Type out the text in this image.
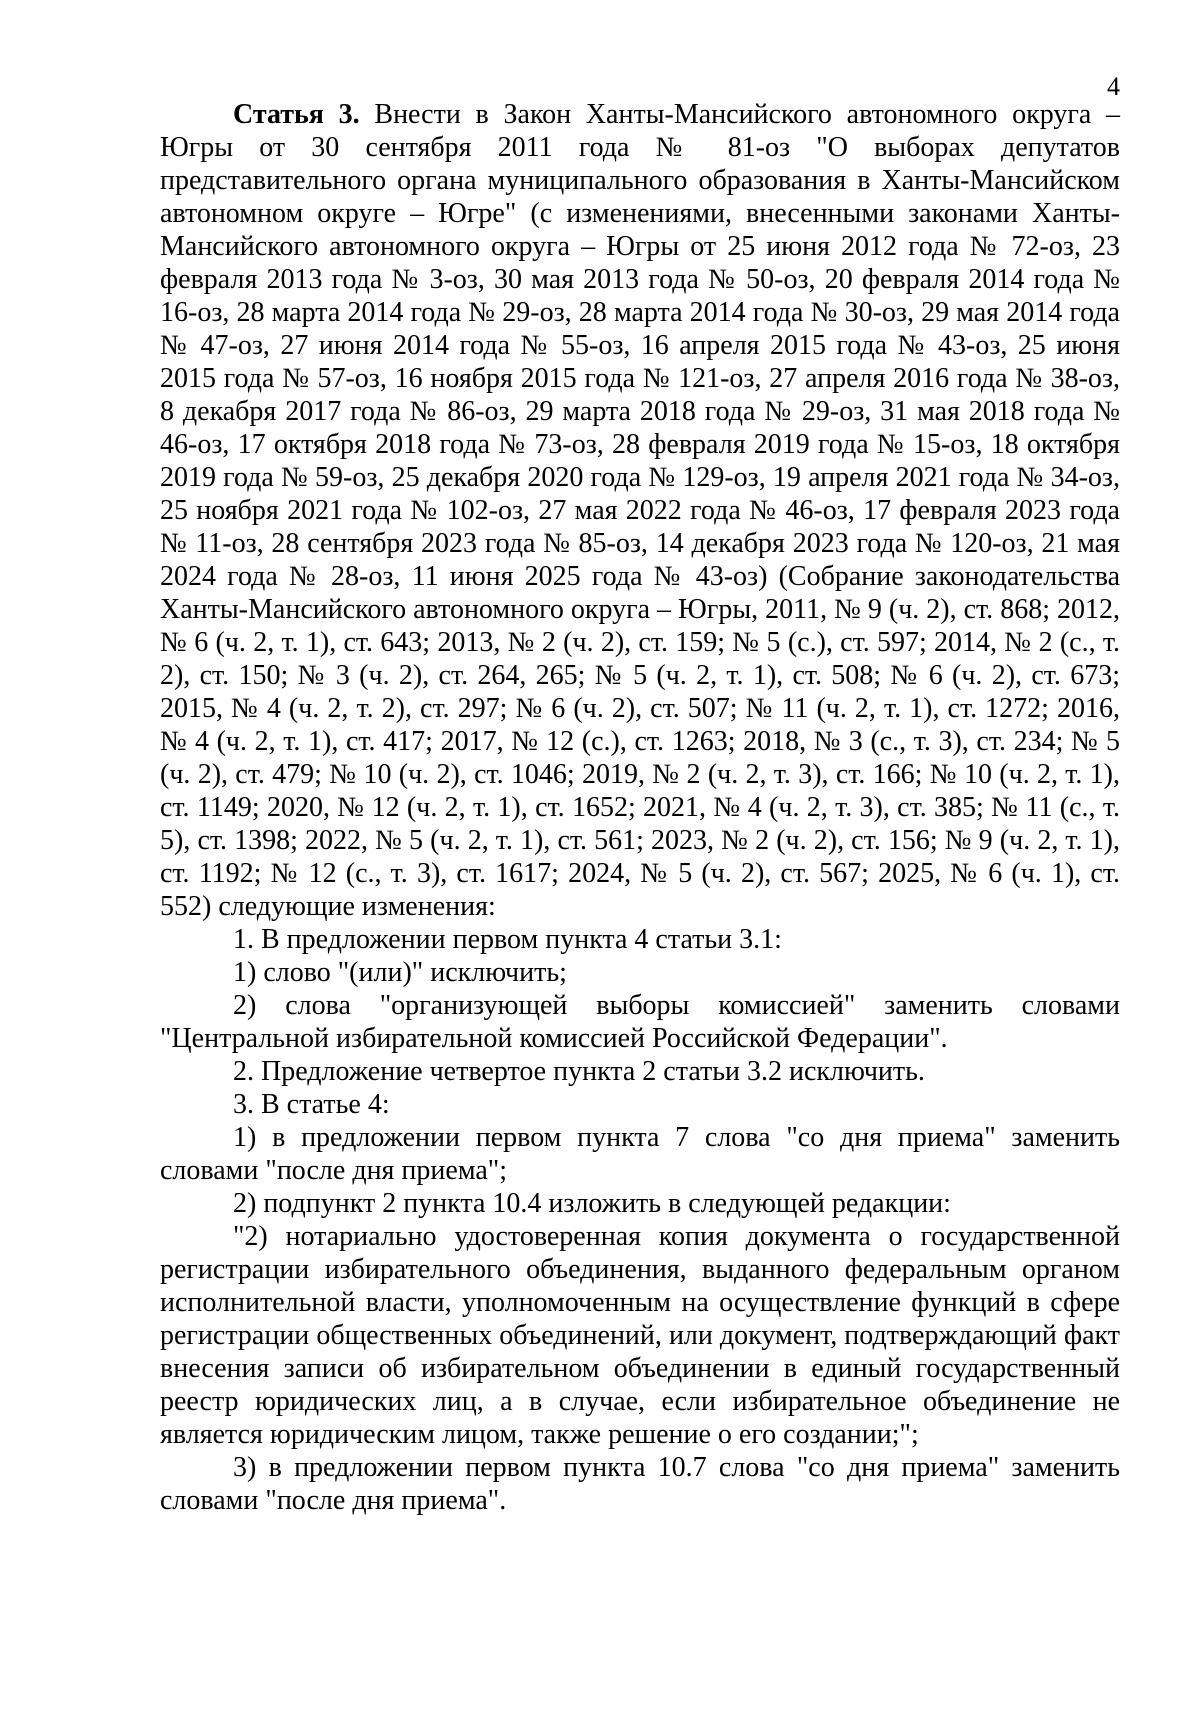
4

Статья 3. Внести в Закон Ханты-Мансийского автономного округа – Югры от 30 сентября 2011 года № 81-оз "О выборах депутатов представительного органа муниципального образования в Ханты-Мансийском автономном округе – Югре" (с изменениями, внесенными законами Ханты-Мансийского автономного округа – Югры от 25 июня 2012 года № 72-оз, 23 февраля 2013 года № 3-оз, 30 мая 2013 года № 50-оз, 20 февраля 2014 года № 16-оз, 28 марта 2014 года № 29-оз, 28 марта 2014 года № 30-оз, 29 мая 2014 года № 47-оз, 27 июня 2014 года № 55-оз, 16 апреля 2015 года № 43-оз, 25 июня 2015 года № 57-оз, 16 ноября 2015 года № 121-оз, 27 апреля 2016 года № 38-оз, 8 декабря 2017 года № 86-оз, 29 марта 2018 года № 29-оз, 31 мая 2018 года № 46-оз, 17 октября 2018 года № 73-оз, 28 февраля 2019 года № 15-оз, 18 октября 2019 года № 59-оз, 25 декабря 2020 года № 129-оз, 19 апреля 2021 года № 34-оз, 25 ноября 2021 года № 102-оз, 27 мая 2022 года № 46-оз, 17 февраля 2023 года № 11-оз, 28 сентября 2023 года № 85-оз, 14 декабря 2023 года № 120-оз, 21 мая 2024 года № 28-оз, 11 июня 2025 года № 43-оз) (Собрание законодательства Ханты-Мансийского автономного округа – Югры, 2011, № 9 (ч. 2), ст. 868; 2012, № 6 (ч. 2, т. 1), ст. 643; 2013, № 2 (ч. 2), ст. 159; № 5 (с.), ст. 597; 2014, № 2 (с., т. 2), ст. 150; № 3 (ч. 2), ст. 264, 265; № 5 (ч. 2, т. 1), ст. 508; № 6 (ч. 2), ст. 673; 2015, № 4 (ч. 2, т. 2), ст. 297; № 6 (ч. 2), ст. 507; № 11 (ч. 2, т. 1), ст. 1272; 2016, № 4 (ч. 2, т. 1), ст. 417; 2017, № 12 (с.), ст. 1263; 2018, № 3 (с., т. 3), ст. 234; № 5 (ч. 2), ст. 479; № 10 (ч. 2), ст. 1046; 2019, № 2 (ч. 2, т. 3), ст. 166; № 10 (ч. 2, т. 1), ст. 1149; 2020, № 12 (ч. 2, т. 1), ст. 1652; 2021, № 4 (ч. 2, т. 3), ст. 385; № 11 (с., т. 5), ст. 1398; 2022, № 5 (ч. 2, т. 1), ст. 561; 2023, № 2 (ч. 2), ст. 156; № 9 (ч. 2, т. 1), ст. 1192; № 12 (с., т. 3), ст. 1617; 2024, № 5 (ч. 2), ст. 567; 2025, № 6 (ч. 1), ст. 552) следующие изменения:

1. В предложении первом пункта 4 статьи 3.1:

1) слово "(или)" исключить;

2) слова "организующей выборы комиссией" заменить словами "Центральной избирательной комиссией Российской Федерации".

2. Предложение четвертое пункта 2 статьи 3.2 исключить.

3. В статье 4:

1) в предложении первом пункта 7 слова "со дня приема" заменить словами "после дня приема";

2) подпункт 2 пункта 10.4 изложить в следующей редакции:

"2) нотариально удостоверенная копия документа о государственной регистрации избирательного объединения, выданного федеральным органом исполнительной власти, уполномоченным на осуществление функций в сфере регистрации общественных объединений, или документ, подтверждающий факт внесения записи об избирательном объединении в единый государственный реестр юридических лиц, а в случае, если избирательное объединение не является юридическим лицом, также решение о его создании;";

3) в предложении первом пункта 10.7 слова "со дня приема" заменить словами "после дня приема".
